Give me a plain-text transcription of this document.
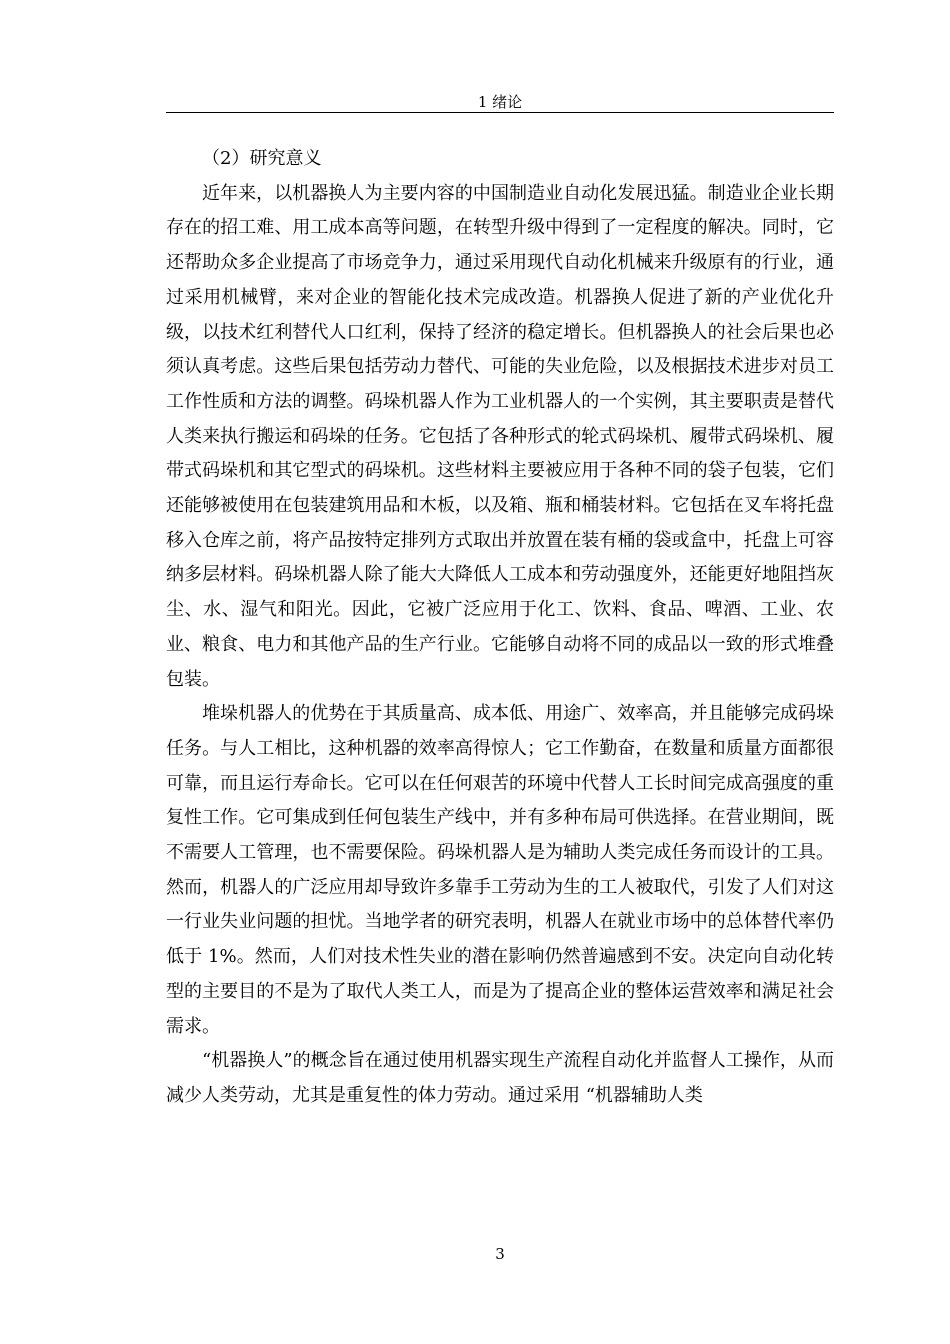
1 绪论

（2）研究意义

近年来，以机器换人为主要内容的中国制造业自动化发展迅猛。制造业企业长期存在的招工难、用工成本高等问题，在转型升级中得到了一定程度的解决。同时，它还帮助众多企业提高了市场竞争力，通过采用现代自动化机械来升级原有的行业，通过采用机械臂，来对企业的智能化技术完成改造。机器换人促进了新的产业优化升级，以技术红利替代人口红利，保持了经济的稳定增长。但机器换人的社会后果也必须认真考虑。这些后果包括劳动力替代、可能的失业危险，以及根据技术进步对员工工作性质和方法的调整。码垛机器人作为工业机器人的一个实例，其主要职责是替代人类来执行搬运和码垛的任务。它包括了各种形式的轮式码垛机、履带式码垛机、履带式码垛机和其它型式的码垛机。这些材料主要被应用于各种不同的袋子包装，它们还能够被使用在包装建筑用品和木板，以及箱、瓶和桶装材料。它包括在叉车将托盘移入仓库之前，将产品按特定排列方式取出并放置在装有桶的袋或盒中，托盘上可容纳多层材料。码垛机器人除了能大大降低人工成本和劳动强度外，还能更好地阻挡灰尘、水、湿气和阳光。因此，它被广泛应用于化工、饮料、食品、啤酒、工业、农业、粮食、电力和其他产品的生产行业。它能够自动将不同的成品以一致的形式堆叠包装。

堆垛机器人的优势在于其质量高、成本低、用途广、效率高，并且能够完成码垛任务。与人工相比，这种机器的效率高得惊人；它工作勤奋，在数量和质量方面都很可靠，而且运行寿命长。它可以在任何艰苦的环境中代替人工长时间完成高强度的重复性工作。它可集成到任何包装生产线中，并有多种布局可供选择。在营业期间，既不需要人工管理，也不需要保险。码垛机器人是为辅助人类完成任务而设计的工具。然而，机器人的广泛应用却导致许多靠手工劳动为生的工人被取代，引发了人们对这一行业失业问题的担忧。当地学者的研究表明，机器人在就业市场中的总体替代率仍低于 1%。然而，人们对技术性失业的潜在影响仍然普遍感到不安。决定向自动化转型的主要目的不是为了取代人类工人，而是为了提高企业的整体运营效率和满足社会需求。

“机器换人”的概念旨在通过使用机器实现生产流程自动化并监督人工操作，从而减少人类劳动，尤其是重复性的体力劳动。通过采用 “机器辅助人类

3
